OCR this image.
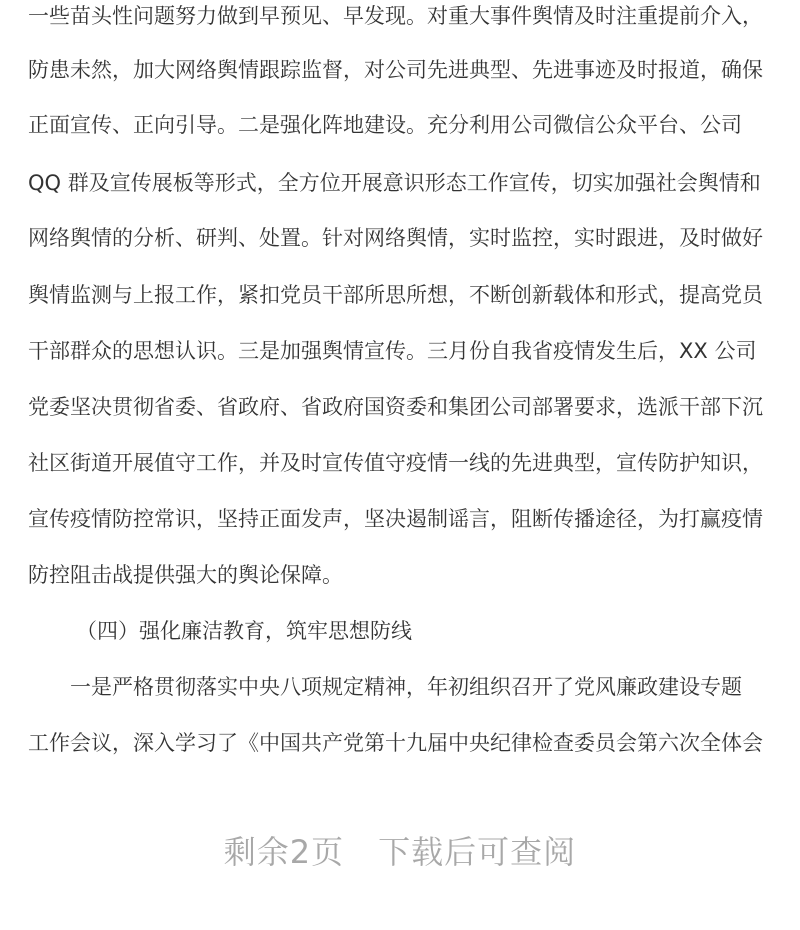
一些苗头性问题努力做到早预见、早发现。对重大事件舆情及时注重提前介入，
防患未然，加大网络舆情跟踪监督，对公司先进典型、先进事迹及时报道，确保
正面宣传、正向引导。二是强化阵地建设。充分利用公司微信公众平台、公司
QQ 群及宣传展板等形式，全方位开展意识形态工作宣传，切实加强社会舆情和
网络舆情的分析、研判、处置。针对网络舆情，实时监控，实时跟进，及时做好
舆情监测与上报工作，紧扣党员干部所思所想，不断创新载体和形式，提高党员
干部群众的思想认识。三是加强舆情宣传。三月份自我省疫情发生后，XX 公司
党委坚决贯彻省委、省政府、省政府国资委和集团公司部署要求，选派干部下沉
社区街道开展值守工作，并及时宣传值守疫情一线的先进典型，宣传防护知识，
宣传疫情防控常识，坚持正面发声，坚决遏制谣言，阻断传播途径，为打赢疫情
防控阻击战提供强大的舆论保障。
（四）强化廉洁教育，筑牢思想防线
一是严格贯彻落实中央八项规定精神，年初组织召开了党风廉政建设专题
工作会议，深入学习了《中国共产党第十九届中央纪律检查委员会第六次全体会
剩余2页 下载后可查阅
